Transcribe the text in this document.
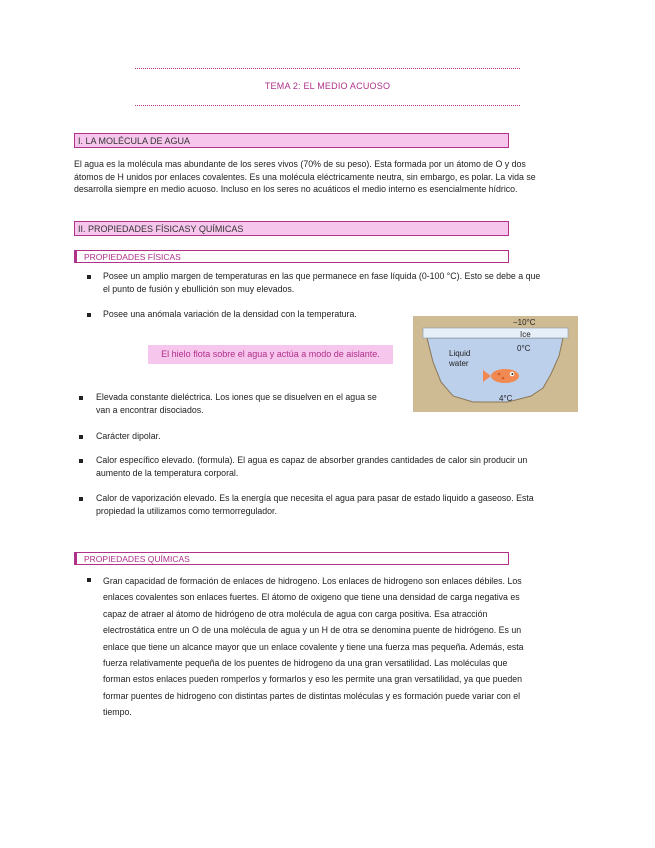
TEMA 2: EL MEDIO ACUOSO
I. LA MOLÉCULA DE AGUA
El agua es la molécula mas abundante de los seres vivos (70% de su peso). Esta formada por un átomo de O y dos
átomos de H unidos por enlaces covalentes. Es una molécula eléctricamente neutra, sin embargo, es polar. La vida se
desarrolla siempre en medio acuoso. Incluso en los seres no acuáticos el medio interno es esencialmente hídrico.
II. PROPIEDADES FÍSICASY QUÍMICAS
PROPIEDADES FÍSICAS
Posee un amplio margen de temperaturas en las que permanece en fase líquida (0-100 °C). Esto se debe a que
el punto de fusión y ebullición son muy elevados.
Posee una anómala variación de la densidad con la temperatura.
El hielo flota sobre el agua y actúa a modo de aislante.
−10°C
Ice
0°C
Liquid
water
4°C
Elevada constante dieléctrica. Los iones que se disuelven en el agua se
van a encontrar disociados.
Carácter dipolar.
Calor específico elevado. (formula). El agua es capaz de absorber grandes cantidades de calor sin producir un
aumento de la temperatura corporal.
Calor de vaporización elevado. Es la energía que necesita el agua para pasar de estado liquido a gaseoso. Esta
propiedad la utilizamos como termorregulador.
PROPIEDADES QUÍMICAS
Gran capacidad de formación de enlaces de hidrogeno. Los enlaces de hidrogeno son enlaces débiles. Los
enlaces covalentes son enlaces fuertes. El átomo de oxigeno que tiene una densidad de carga negativa es
capaz de atraer al átomo de hidrógeno de otra molécula de agua con carga positiva. Esa atracción
electrostática entre un O de una molécula de agua y un H de otra se denomina puente de hidrógeno. Es un
enlace que tiene un alcance mayor que un enlace covalente y tiene una fuerza mas pequeña. Además, esta
fuerza relativamente pequeña de los puentes de hidrogeno da una gran versatilidad. Las moléculas que
forman estos enlaces pueden romperlos y formarlos y eso les permite una gran versatilidad, ya que pueden
formar puentes de hidrogeno con distintas partes de distintas moléculas y es formación puede variar con el
tiempo.
